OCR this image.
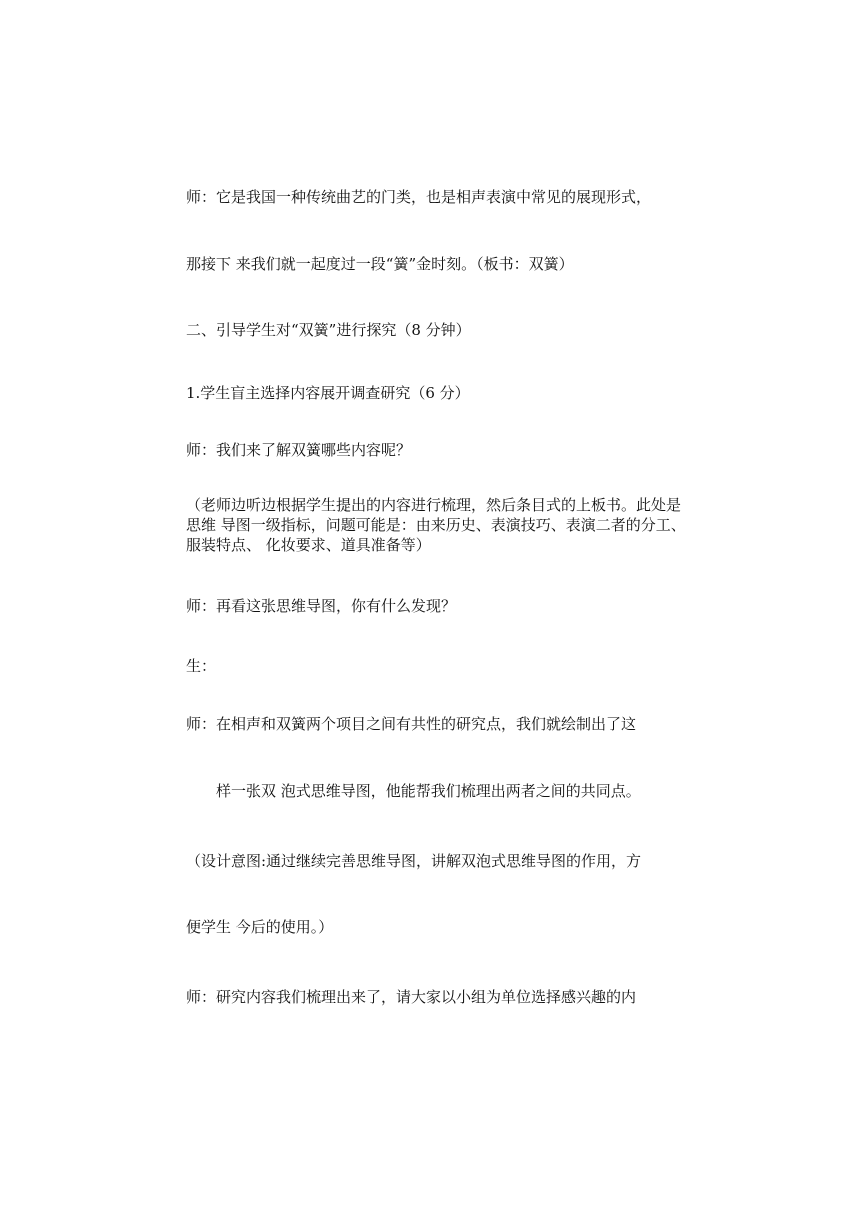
师：它是我国一种传统曲艺的门类，也是相声表演中常见的展现形式，
那接下 来我们就一起度过一段“簧”金时刻。（板书：双簧）
二、引导学生对“双簧”进行探究（8 分钟）
1.学生盲主选择内容展开调查研究（6 分）
师：我们来了解双簧哪些内容呢？
（老师边听边根据学生提出的内容进行梳理，然后条目式的上板书。此处是思维 导图一级指标，问题可能是：由来历史、表演技巧、表演二者的分工、服装特点、 化妆要求、道具准备等）
师：再看这张思维导图，你有什么发现？
生：
师：在相声和双簧两个项目之间有共性的研究点，我们就绘制出了这
样一张双 泡式思维导图，他能帮我们梳理出两者之间的共同点。
（设计意图:通过继续完善思维导图，讲解双泡式思维导图的作用，方
便学生 今后的使用。）
师：研究内容我们梳理出来了，请大家以小组为单位选择感兴趣的内
